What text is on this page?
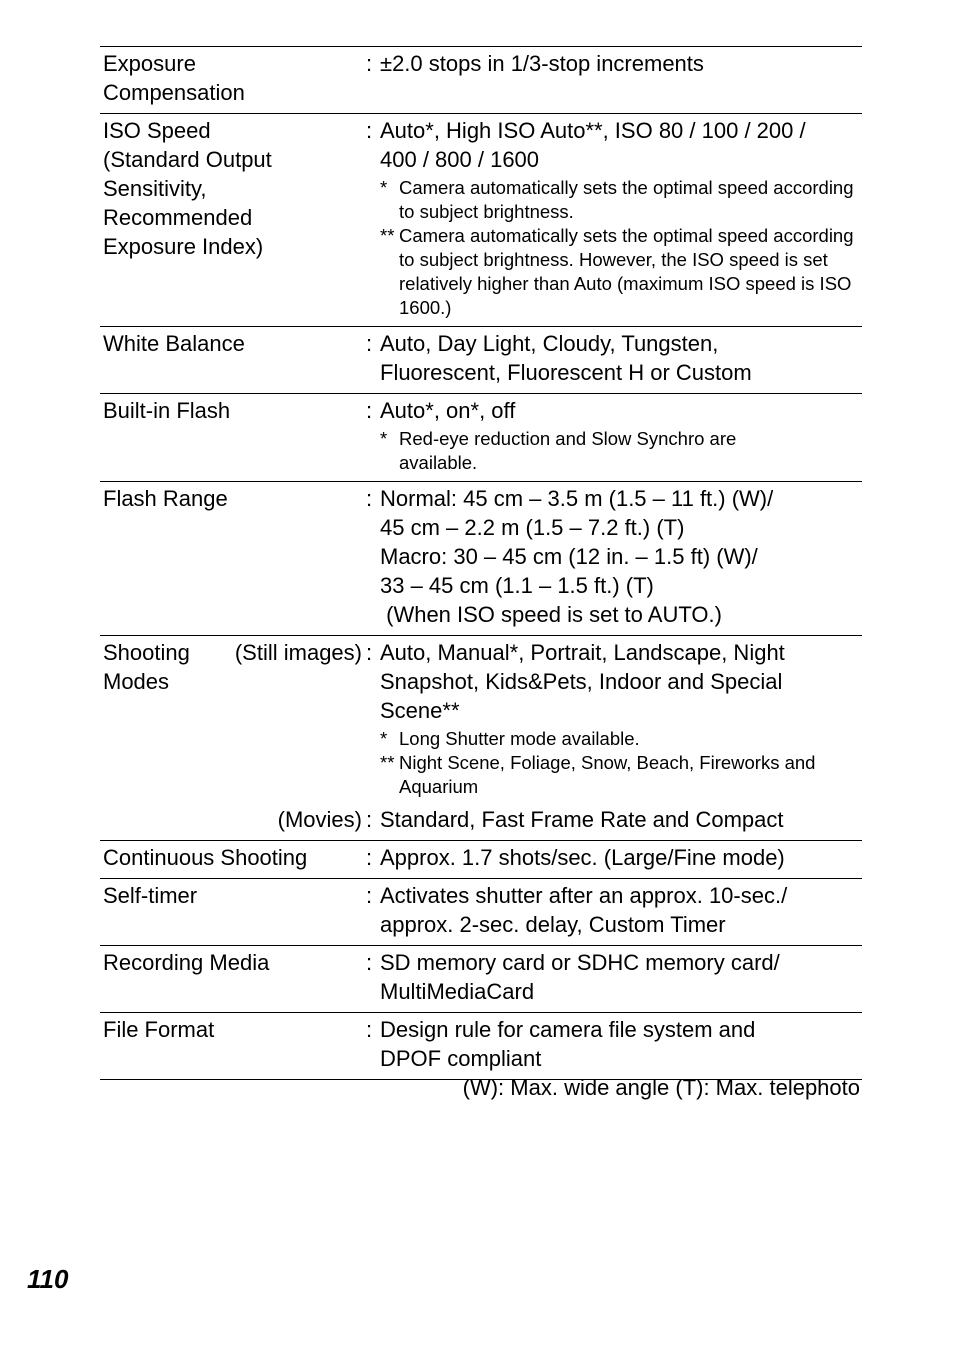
Exposure Compensation
: ±2.0 stops in 1/3-stop increments
ISO Speed
(Standard Output
Sensitivity,
Recommended
Exposure Index)
: Auto*, High ISO Auto**, ISO 80 / 100 / 200 /
400 / 800 / 1600
* Camera automatically sets the optimal speed according to subject brightness.
** Camera automatically sets the optimal speed according to subject brightness. However, the ISO speed is set relatively higher than Auto (maximum ISO speed is ISO 1600.)
White Balance	: Auto, Day Light, Cloudy, Tungsten, Fluorescent, Fluorescent H or Custom
Built-in Flash	: Auto*, on*, off
* Red-eye reduction and Slow Synchro are available.
Flash Range	: Normal: 45 cm – 3.5 m (1.5 – 11 ft.) (W)/
45 cm – 2.2 m (1.5 – 7.2 ft.) (T)
Macro: 30 – 45 cm (12 in. – 1.5 ft) (W)/
33 – 45 cm (1.1 – 1.5 ft.) (T)
(When ISO speed is set to AUTO.)
Shooting
Modes
(Still images) : Auto, Manual*, Portrait, Landscape, Night Snapshot, Kids&Pets, Indoor and Special Scene**
* Long Shutter mode available.
** Night Scene, Foliage, Snow, Beach, Fireworks and Aquarium
(Movies) : Standard, Fast Frame Rate and Compact
Continuous Shooting	: Approx. 1.7 shots/sec. (Large/Fine mode)
Self-timer	: Activates shutter after an approx. 10-sec./ approx. 2-sec. delay, Custom Timer
Recording Media	: SD memory card or SDHC memory card/ MultiMediaCard
File Format	: Design rule for camera file system and DPOF compliant
(W): Max. wide angle (T): Max. telephoto
110
